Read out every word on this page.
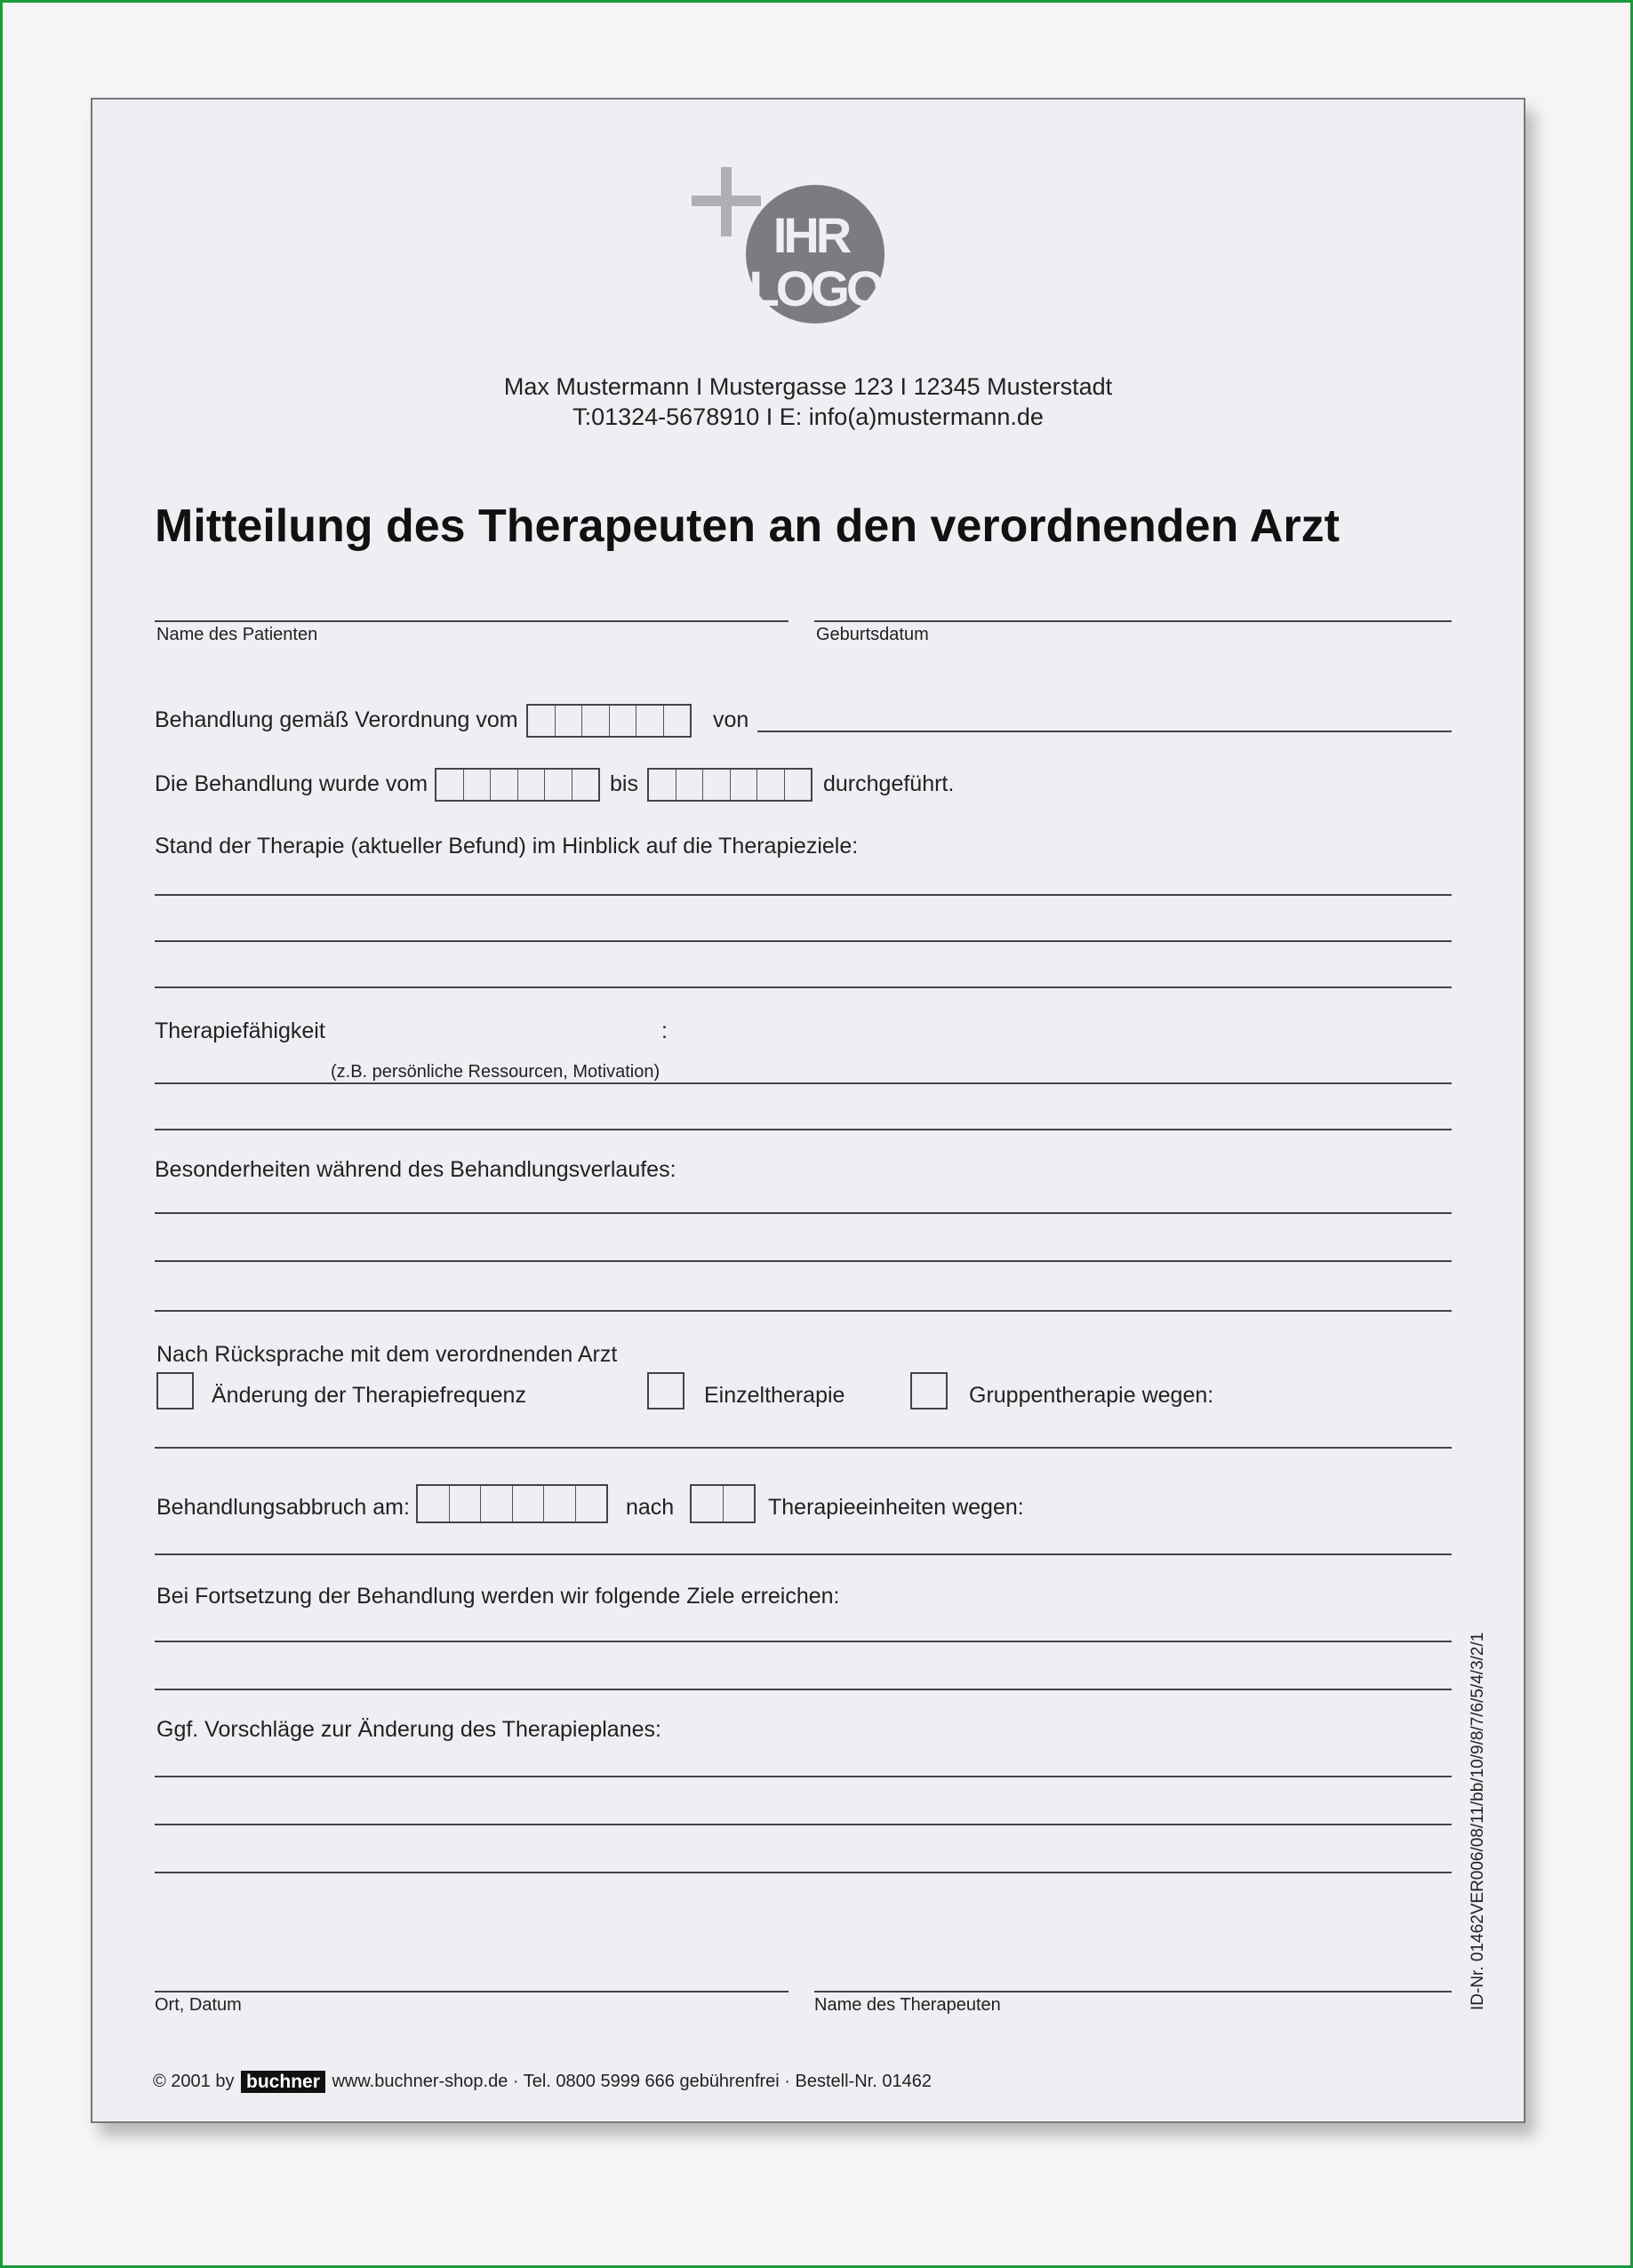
IHR
LOGO
Max Mustermann I Mustergasse 123 I 12345 Musterstadt
T:01324-5678910 I E: info(a)mustermann.de
Mitteilung des Therapeuten an den verordnenden Arzt
Name des Patienten	Geburtsdatum
Behandlung gemäß Verordnung vom	von
Die Behandlung wurde vom	bis	durchgeführt.
Stand der Therapie (aktueller Befund) im Hinblick auf die Therapieziele:
Therapiefähigkeit	:
(z.B. persönliche Ressourcen, Motivation)
Besonderheiten während des Behandlungsverlaufes:
Nach Rücksprache mit dem verordnenden Arzt
Änderung der Therapiefrequenz	Einzeltherapie	Gruppentherapie wegen:
Behandlungsabbruch am:	nach	Therapieeinheiten wegen:
Bei Fortsetzung der Behandlung werden wir folgende Ziele erreichen:
Ggf. Vorschläge zur Änderung des Therapieplanes:
Ort, Datum	Name des Therapeuten
© 2001 by buchner www.buchner-shop.de · Tel. 0800 5999 666 gebührenfrei · Bestell-Nr. 01462
ID-Nr. 01462VER006/08/11/bb/10/9/8/7/6/5/4/3/2/1
